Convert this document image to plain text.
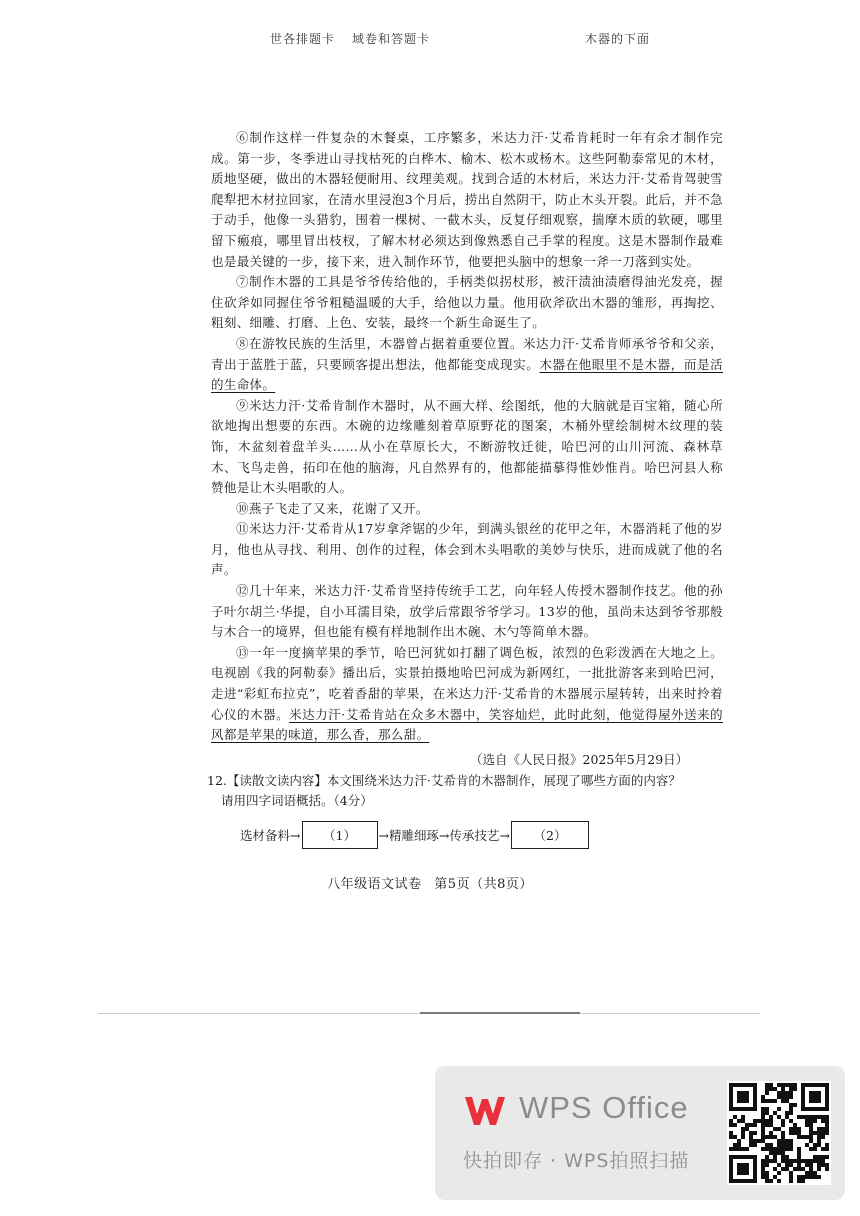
世各排题卡 域卷和答题卡	木器的下面

⑥制作这样一件复杂的木餐桌，工序繁多，米达力汗·艾希肯耗时一年有余才制作完成。第一步，冬季进山寻找枯死的白桦木、榆木、松木或杨木。这些阿勒泰常见的木材，质地坚硬，做出的木器轻便耐用、纹理美观。找到合适的木材后，米达力汗·艾希肯驾驶雪爬犁把木材拉回家，在清水里浸泡3个月后，捞出自然阴干，防止木头开裂。此后，并不急于动手，他像一头猎豹，围着一棵树、一截木头，反复仔细观察，揣摩木质的软硬，哪里留下瘢痕，哪里冒出枝杈，了解木材必须达到像熟悉自己手掌的程度。这是木器制作最难也是最关键的一步，接下来，进入制作环节，他要把头脑中的想象一斧一刀落到实处。

⑦制作木器的工具是爷爷传给他的，手柄类似拐杖形，被汗渍油渍磨得油光发亮，握住砍斧如同握住爷爷粗糙温暖的大手，给他以力量。他用砍斧砍出木器的雏形，再掏挖、粗刻、细雕、打磨、上色、安装，最终一个新生命诞生了。

⑧在游牧民族的生活里，木器曾占据着重要位置。米达力汗·艾希肯师承爷爷和父亲，青出于蓝胜于蓝，只要顾客提出想法，他都能变成现实。木器在他眼里不是木器，而是活的生命体。

⑨米达力汗·艾希肯制作木器时，从不画大样、绘图纸，他的大脑就是百宝箱，随心所欲地掏出想要的东西。木碗的边缘雕刻着草原野花的图案，木桶外壁绘制树木纹理的装饰，木盆刻着盘羊头……从小在草原长大，不断游牧迁徙，哈巴河的山川河流、森林草木、飞鸟走兽，拓印在他的脑海，凡自然界有的，他都能描摹得惟妙惟肖。哈巴河县人称赞他是让木头唱歌的人。

⑩燕子飞走了又来，花谢了又开。

⑪米达力汗·艾希肯从17岁拿斧锯的少年，到满头银丝的花甲之年，木器消耗了他的岁月，他也从寻找、利用、创作的过程，体会到木头唱歌的美妙与快乐，进而成就了他的名声。

⑫几十年来，米达力汗·艾希肯坚持传统手工艺，向年轻人传授木器制作技艺。他的孙子叶尔胡兰·华提，自小耳濡目染，放学后常跟爷爷学习。13岁的他，虽尚未达到爷爷那般与木合一的境界，但也能有模有样地制作出木碗、木勺等简单木器。

⑬一年一度摘苹果的季节，哈巴河犹如打翻了调色板，浓烈的色彩泼洒在大地之上。电视剧《我的阿勒泰》播出后，实景拍摄地哈巴河成为新网红，一批批游客来到哈巴河，走进“彩虹布拉克”，吃着香甜的苹果，在米达力汗·艾希肯的木器展示屋转转，出来时拎着心仪的木器。米达力汗·艾希肯站在众多木器中，笑容灿烂，此时此刻，他觉得屋外送来的风都是苹果的味道，那么香，那么甜。

（选自《人民日报》2025年5月29日）
12.【读散文读内容】本文围绕米达力汗·艾希肯的木器制作，展现了哪些方面的内容？
请用四字词语概括。（4分）
选材备料 →	（1）	→ 精雕细琢 → 传承技艺 →	（2）
八年级语文试卷 第5页（共8页）
WPS Office
快拍即存 · WPS拍照扫描
